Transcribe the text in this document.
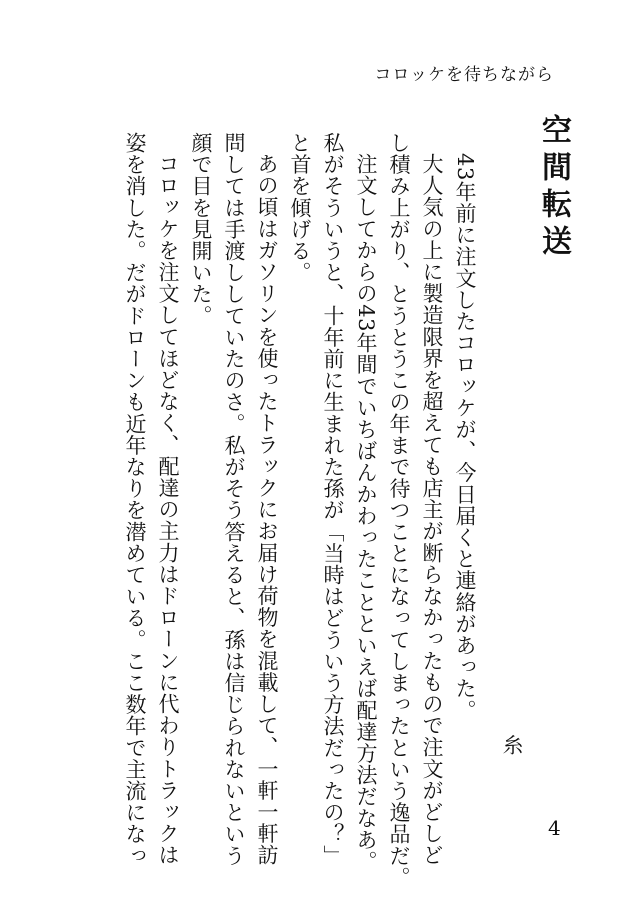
コロッケを待ちながら
空間転送
糸

43年前に注文したコロッケが、今日届くと連絡があった。

大人気の上に製造限界を超えても店主が断らなかったもので注文がどしど

し積み上がり、とうとうこの年まで待つことになってしまったという逸品だ。

注文してからの43年間でいちばんかわったことといえば配達方法だなあ。

私がそういうと、十年前に生まれた孫が「当時はどういう方法だったの？」

と首を傾げる。

あの頃はガソリンを使ったトラックにお届け荷物を混載して、一軒一軒訪

問しては手渡ししていたのさ。私がそう答えると、孫は信じられないという

顔で目を見開いた。

コロッケを注文してほどなく、配達の主力はドローンに代わりトラックは

姿を消した。だがドローンも近年なりを潜めている。ここ数年で主流になっ	4
